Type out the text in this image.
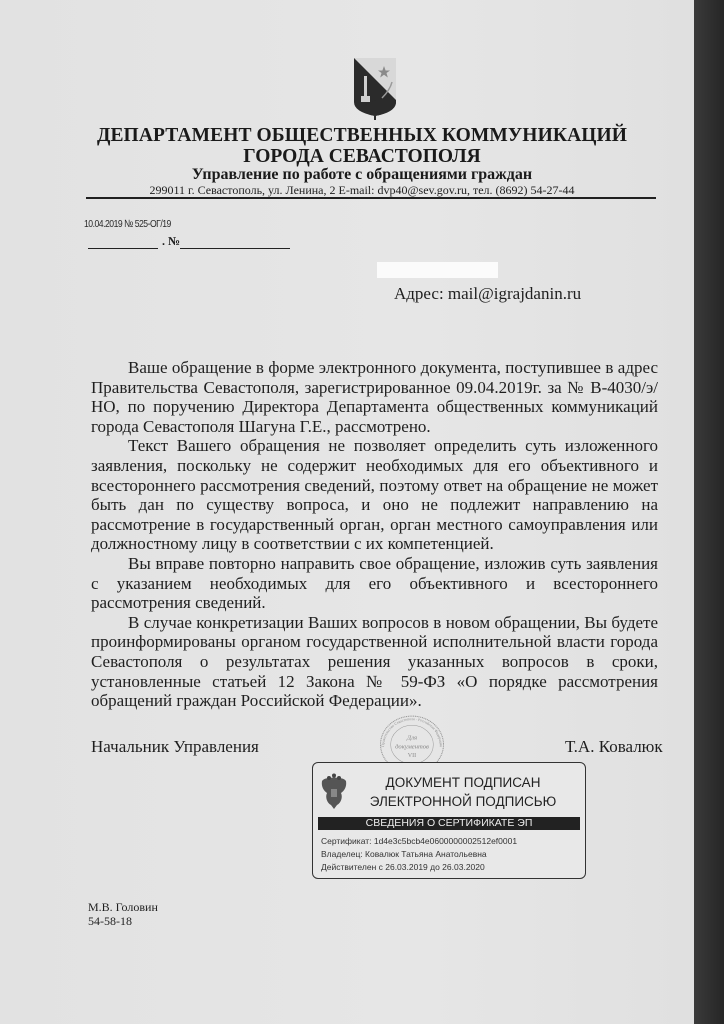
ДЕПАРТАМЕНТ ОБЩЕСТВЕННЫХ КОММУНИКАЦИЙ
ГОРОДА СЕВАСТОПОЛЯ
Управление по работе с обращениями граждан
299011 г. Севастополь, ул. Ленина, 2 E-mail: dvp40@sev.gov.ru, тел. (8692) 54-27-44
10.04.2019 № 525-ОГ/19
. №
Адрес: mail@igrajdanin.ru

Ваше обращение в форме электронного документа, поступившее в адрес Правительства Севастополя, зарегистрированное 09.04.2019г. за № В-4030/э/НО, по поручению Директора Департамента общественных коммуникаций города Севастополя Шагуна Г.Е., рассмотрено.

Текст Вашего обращения не позволяет определить суть изложенного заявления, поскольку не содержит необходимых для его объективного и всестороннего рассмотрения сведений, поэтому ответ на обращение не может быть дан по существу вопроса, и оно не подлежит направлению на рассмотрение в государственный орган, орган местного самоуправления или должностному лицу в соответствии с их компетенцией.

Вы вправе повторно направить свое обращение, изложив суть заявления с указанием необходимых для его объективного и всестороннего рассмотрения сведений.

В случае конкретизации Ваших вопросов в новом обращении, Вы будете проинформированы органом государственной исполнительной власти города Севастополя о результатах решения указанных вопросов в сроки, установленные статьей 12 Закона № 59-ФЗ «О порядке рассмотрения обращений граждан Российской Федерации».

Начальник Управления	Т.А. Ковалюк
Правительство Севастополя · Российская Федерация
Для
документов
VII
ДОКУМЕНТ ПОДПИСАН
ЭЛЕКТРОННОЙ ПОДПИСЬЮ
СВЕДЕНИЯ О СЕРТИФИКАТЕ ЭП
Сертификат: 1d4e3c5bcb4e0600000002512ef0001
Владелец: Ковалюк Татьяна Анатольевна
Действителен с 26.03.2019 до 26.03.2020
М.В. Головин
54-58-18
